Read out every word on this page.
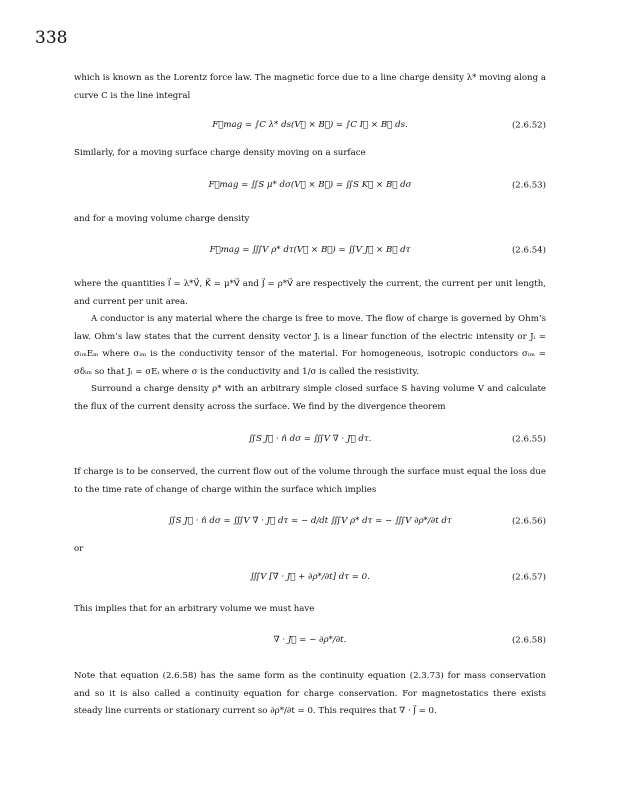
338

which is known as the Lorentz force law. The magnetic force due to a line charge density λ* moving along a curve C is the line integral

F⃗mag = ∫C λ* ds(V⃗ × B⃗) = ∫C I⃗ × B⃗ ds.	(2.6.52)

Similarly, for a moving surface charge density moving on a surface

F⃗mag = ∬S μ* dσ(V⃗ × B⃗) = ∬S K⃗ × B⃗ dσ	(2.6.53)

and for a moving volume charge density

F⃗mag = ∭V ρ* dτ(V⃗ × B⃗) = ∬V J⃗ × B⃗ dτ	(2.6.54)

where the quantities I⃗ = λ*V⃗, K⃗ = μ*V⃗ and J⃗ = ρ*V⃗ are respectively the current, the current per unit length, and current per unit area.

A conductor is any material where the charge is free to move. The flow of charge is governed by Ohm’s law. Ohm’s law states that the current density vector Jᵢ is a linear function of the electric intensity or Jᵢ = σᵢₘEₘ where σᵢₘ is the conductivity tensor of the material. For homogeneous, isotropic conductors σᵢₘ = σδᵢₘ so that Jᵢ = σEᵢ where σ is the conductivity and 1/σ is called the resistivity.

Surround a charge density ρ* with an arbitrary simple closed surface S having volume V and calculate the flux of the current density across the surface. We find by the divergence theorem

∬S J⃗ · n̂ dσ = ∭V ∇ · J⃗ dτ.	(2.6.55)

If charge is to be conserved, the current flow out of the volume through the surface must equal the loss due to the time rate of change of charge within the surface which implies

∬S J⃗ · n̂ dσ = ∭V ∇ · J⃗ dτ = − d/dt ∭V ρ* dτ = − ∭V ∂ρ*/∂t dτ	(2.6.56)
or
∭V [∇ · J⃗ + ∂ρ*/∂t] dτ = 0.	(2.6.57)

This implies that for an arbitrary volume we must have

∇ · J⃗ = − ∂ρ*/∂t.	(2.6.58)

Note that equation (2.6.58) has the same form as the continuity equation (2.3.73) for mass conservation and so it is also called a continuity equation for charge conservation. For magnetostatics there exists steady line currents or stationary current so ∂ρ*/∂t = 0. This requires that ∇ · J⃗ = 0.
